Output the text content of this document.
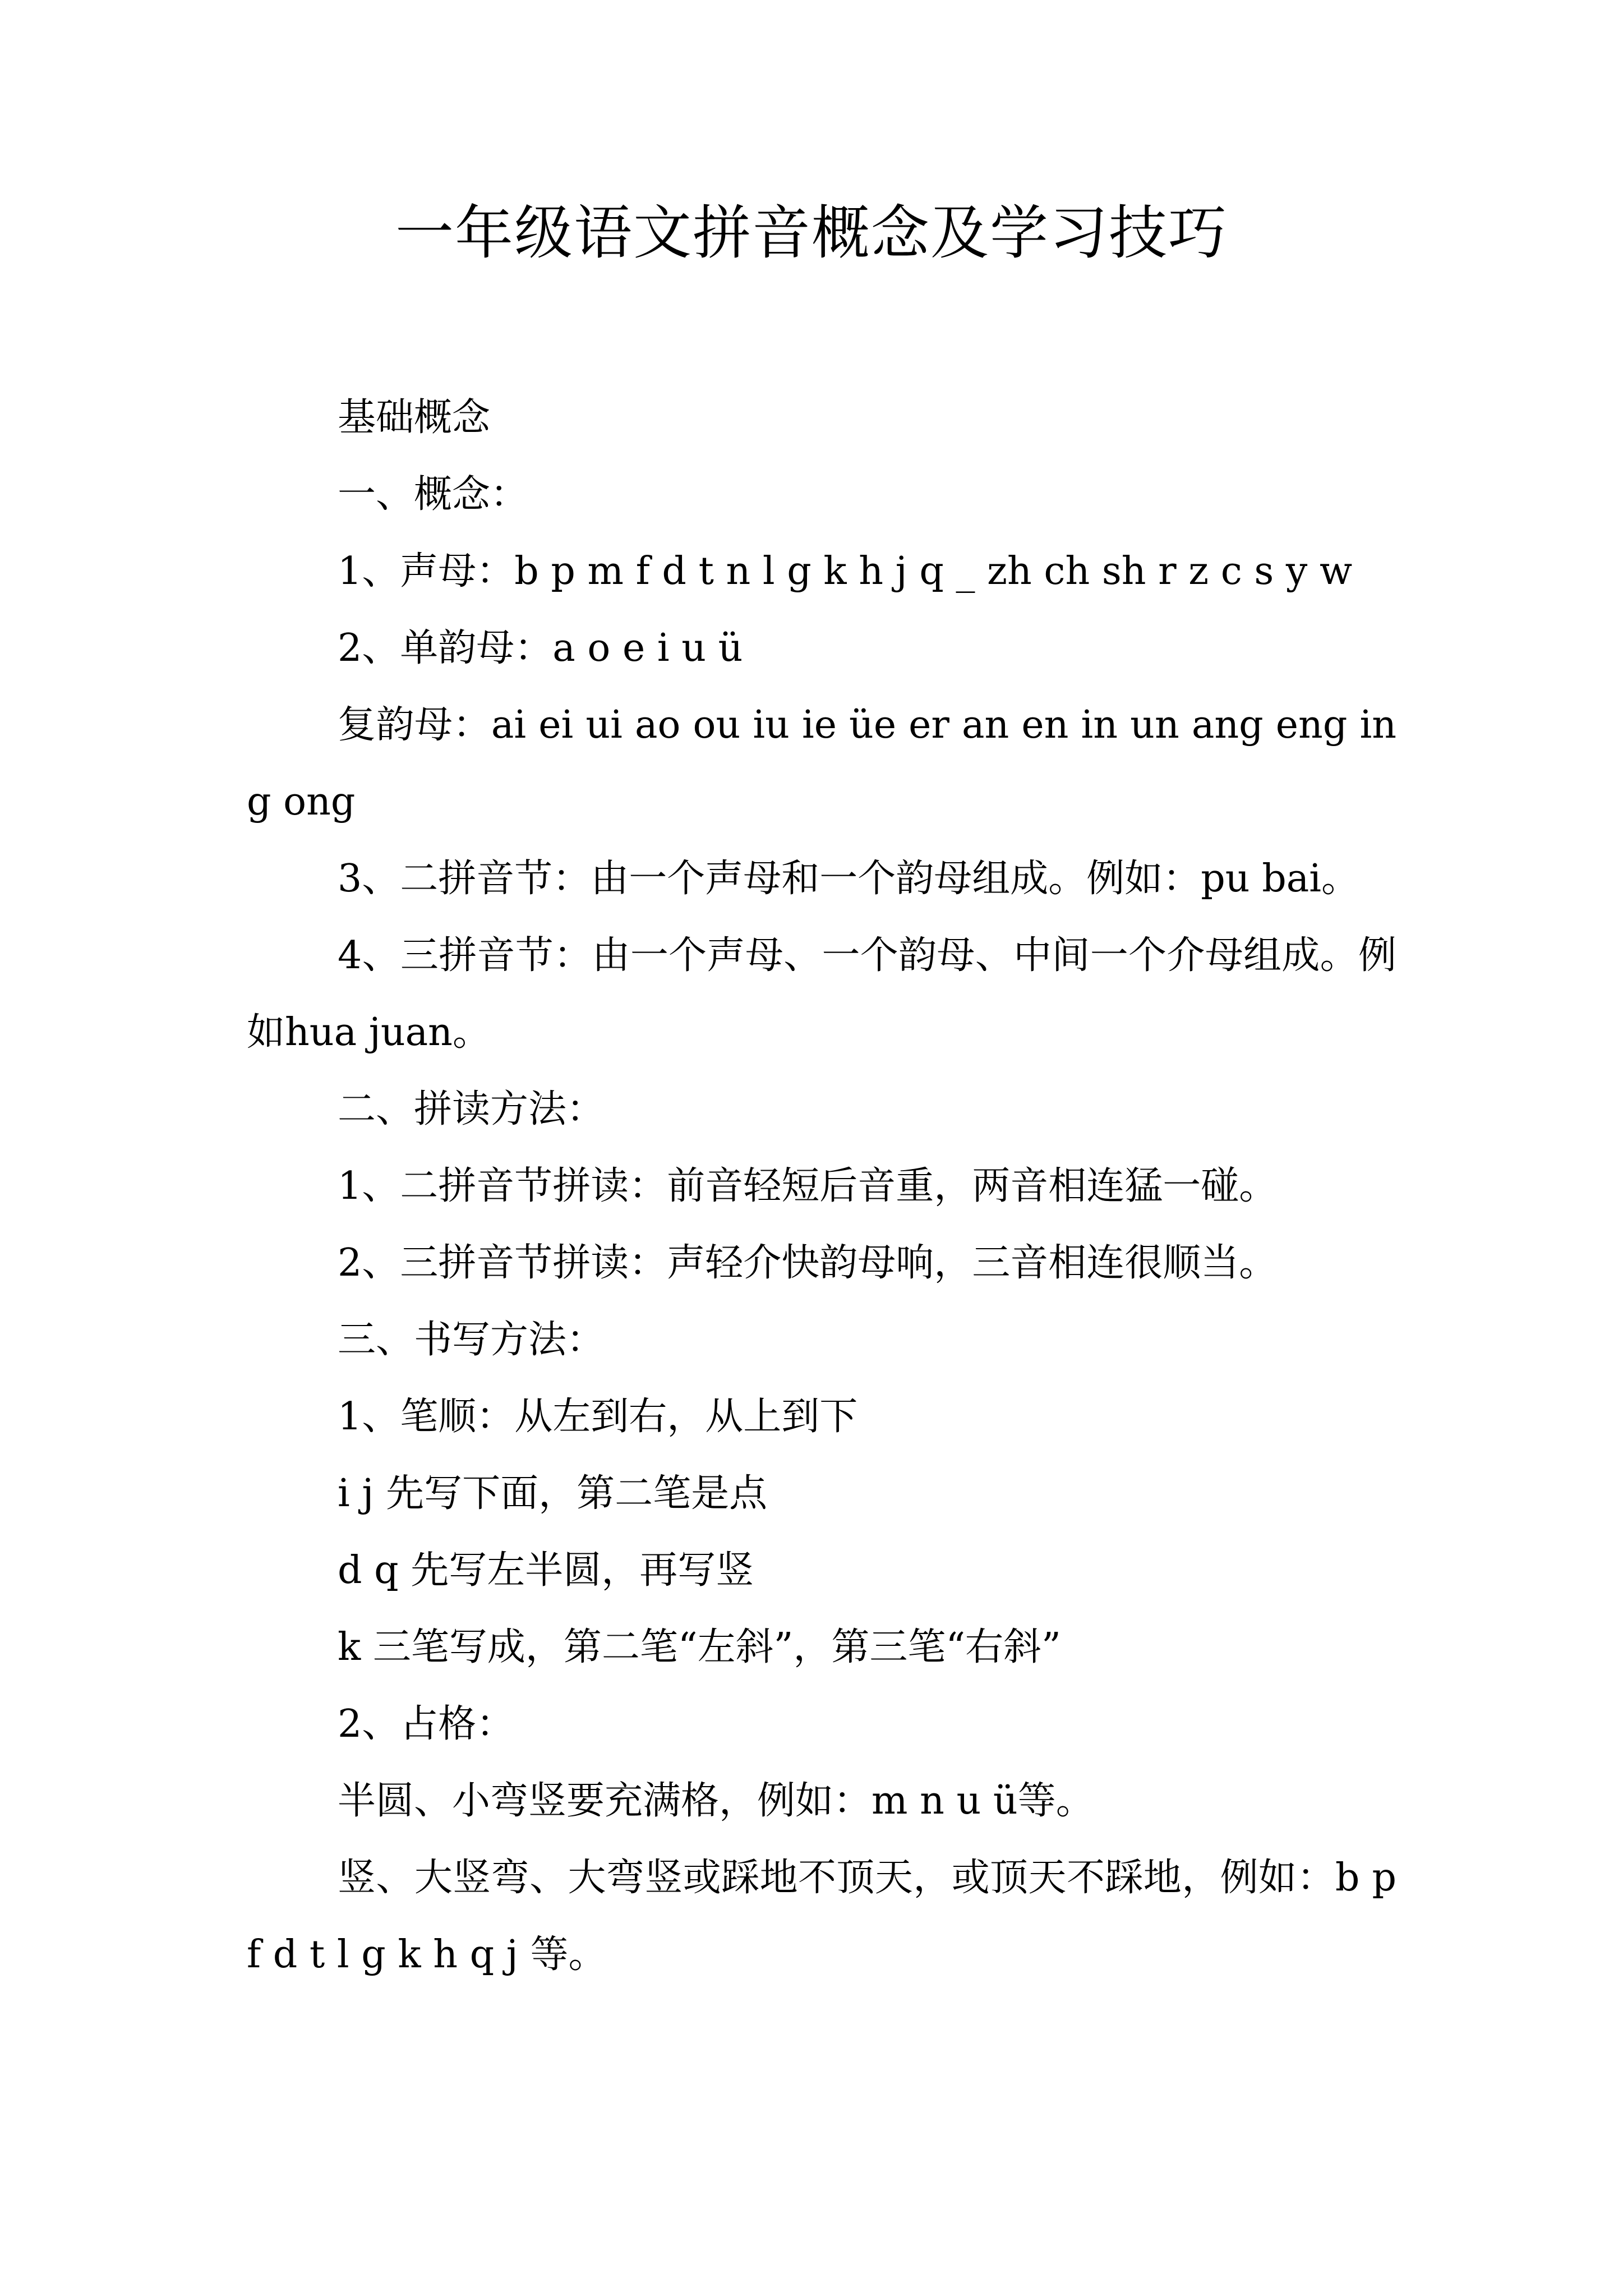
一年级语文拼音概念及学习技巧

基础概念

一、概念：

1、声母：b p m f d t n l g k h j q _ zh ch sh r z c s y w

2、单韵母：a o e i u ü

复韵母：ai ei ui ao ou iu ie üe er an en in un ang eng ing ong

3、二拼音节：由一个声母和一个韵母组成。例如：pu bai。

4、三拼音节：由一个声母、一个韵母、中间一个介母组成。例如hua juan。

二、拼读方法：

1、二拼音节拼读：前音轻短后音重，两音相连猛一碰。

2、三拼音节拼读：声轻介快韵母响，三音相连很顺当。

三、书写方法：

1、笔顺：从左到右，从上到下

i j 先写下面，第二笔是点

d q 先写左半圆，再写竖

k 三笔写成，第二笔“左斜”，第三笔“右斜”

2、占格：

半圆、小弯竖要充满格，例如：m n u ü等。

竖、大竖弯、大弯竖或踩地不顶天，或顶天不踩地，例如：b p f d t l g k h q j 等。
